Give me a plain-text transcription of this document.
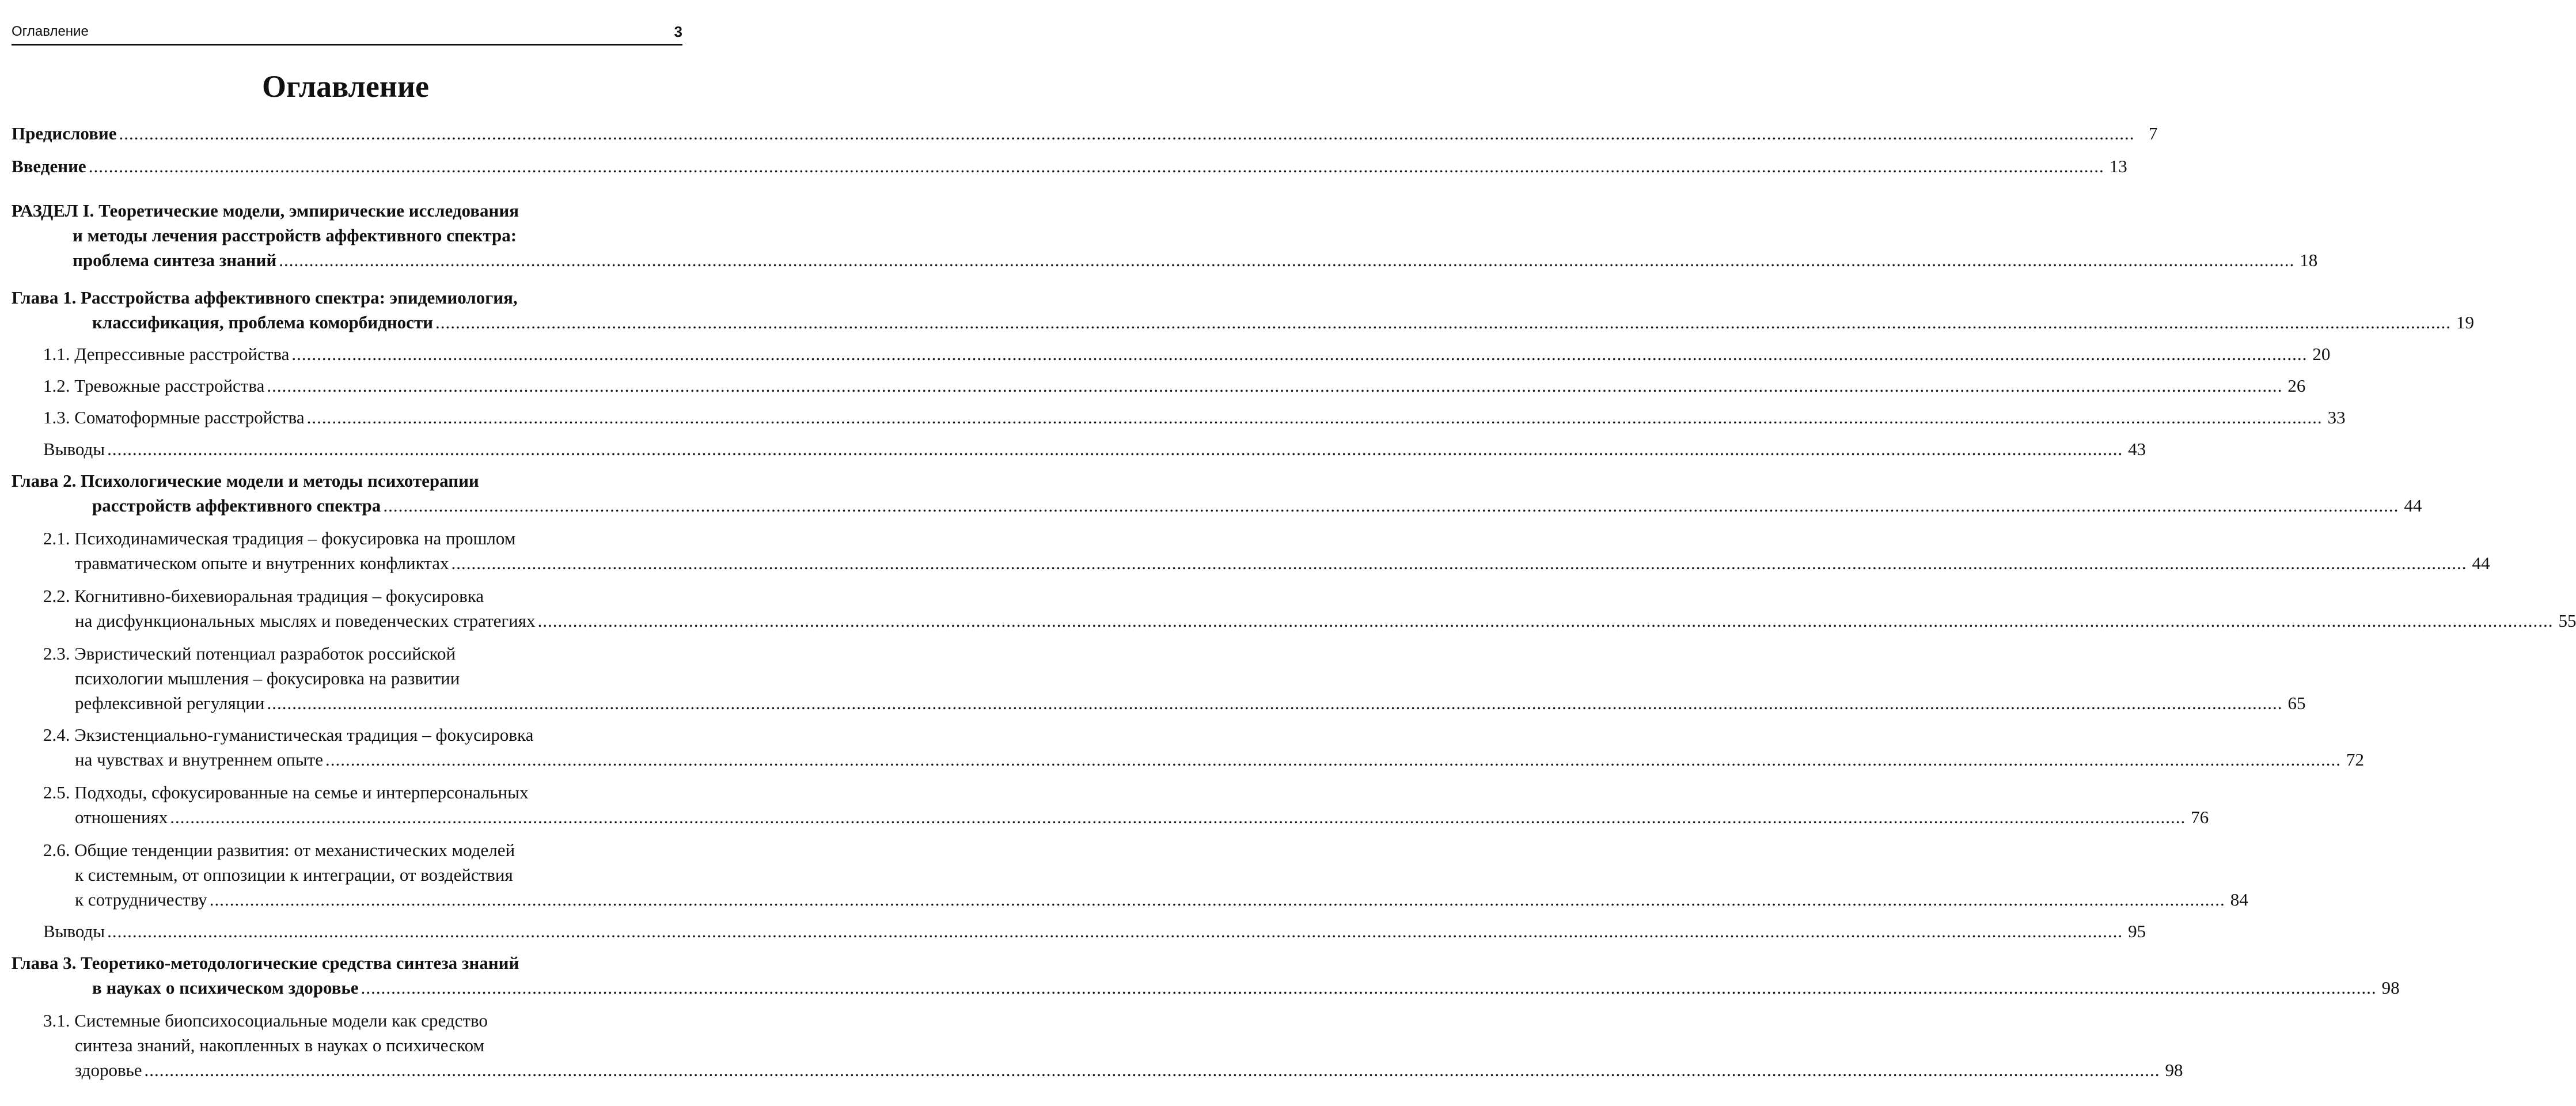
Оглавление	3
Оглавление
Предисловие ................................................................................................................................................................................................................................................................................................................................................................................................................ 7
Введение ................................................................................................................................................................................................................................................................................................................................................................................................................ 13
РАЗДЕЛ I. Теоретические модели, эмпирические исследования
и методы лечения расстройств аффективного спектра:
проблема синтеза знаний ................................................................................................................................................................................................................................................................................................................................................................................................................ 18
Глава 1. Расстройства аффективного спектра: эпидемиология,
классификация, проблема коморбидности ................................................................................................................................................................................................................................................................................................................................................................................................................ 19
1.1. Депрессивные расстройства ................................................................................................................................................................................................................................................................................................................................................................................................................ 20
1.2. Тревожные расстройства ................................................................................................................................................................................................................................................................................................................................................................................................................ 26
1.3. Соматоформные расстройства ................................................................................................................................................................................................................................................................................................................................................................................................................ 33
Выводы ................................................................................................................................................................................................................................................................................................................................................................................................................ 43
Глава 2. Психологические модели и методы психотерапии
расстройств аффективного спектра ................................................................................................................................................................................................................................................................................................................................................................................................................ 44
2.1. Психодинамическая традиция – фокусировка на прошлом
травматическом опыте и внутренних конфликтах ................................................................................................................................................................................................................................................................................................................................................................................................................ 44
2.2. Когнитивно-бихевиоральная традиция – фокусировка
на дисфункциональных мыслях и поведенческих стратегиях ................................................................................................................................................................................................................................................................................................................................................................................................................ 55
2.3. Эвристический потенциал разработок российской
психологии мышления – фокусировка на развитии
рефлексивной регуляции ................................................................................................................................................................................................................................................................................................................................................................................................................ 65
2.4. Экзистенциально-гуманистическая традиция – фокусировка
на чувствах и внутреннем опыте ................................................................................................................................................................................................................................................................................................................................................................................................................ 72
2.5. Подходы, сфокусированные на семье и интерперсональных
отношениях ................................................................................................................................................................................................................................................................................................................................................................................................................ 76
2.6. Общие тенденции развития: от механистических моделей
к системным, от оппозиции к интеграции, от воздействия
к сотрудничеству ................................................................................................................................................................................................................................................................................................................................................................................................................ 84
Выводы ................................................................................................................................................................................................................................................................................................................................................................................................................ 95
Глава 3. Теоретико-методологические средства синтеза знаний
в науках о психическом здоровье ................................................................................................................................................................................................................................................................................................................................................................................................................ 98
3.1. Системные биопсихосоциальные модели как средство
синтеза знаний, накопленных в науках о психическом
здоровье ................................................................................................................................................................................................................................................................................................................................................................................................................ 98
